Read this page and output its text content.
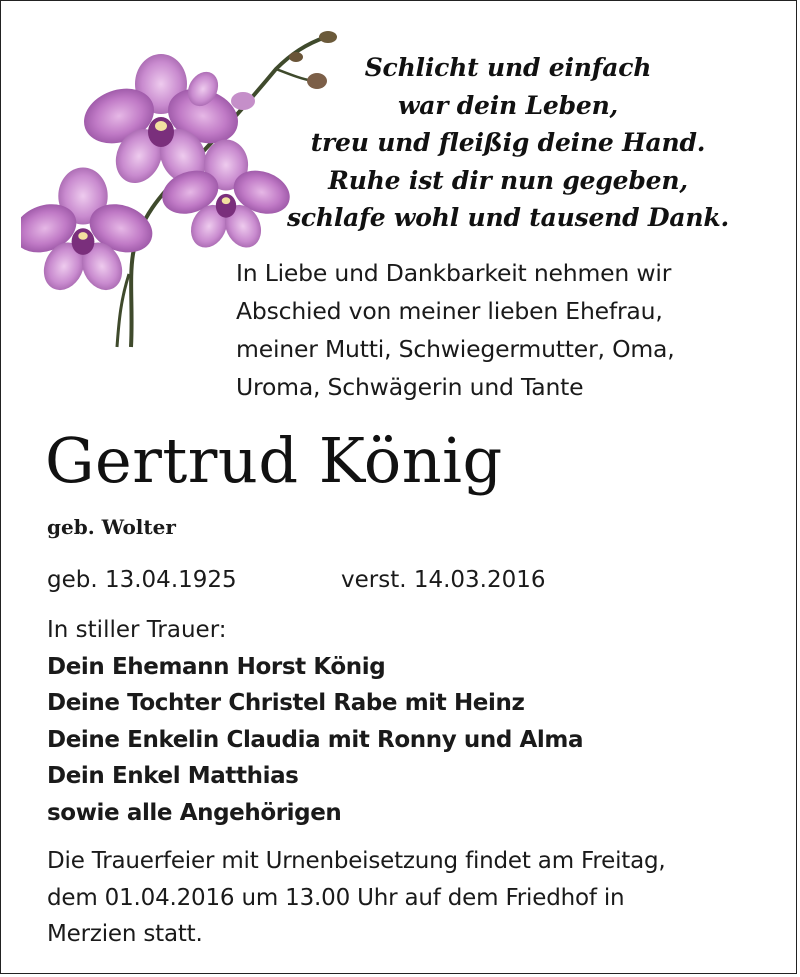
Schlicht und einfach
war dein Leben,
treu und fleißig deine Hand.
Ruhe ist dir nun gegeben,
schlafe wohl und tausend Dank.
In Liebe und Dankbarkeit nehmen wir
Abschied von meiner lieben Ehefrau,
meiner Mutti, Schwiegermutter, Oma,
Uroma, Schwägerin und Tante
Gertrud König
geb. Wolter
geb. 13.04.1925	verst. 14.03.2016
In stiller Trauer:
Dein Ehemann Horst König
Deine Tochter Christel Rabe mit Heinz
Deine Enkelin Claudia mit Ronny und Alma
Dein Enkel Matthias
sowie alle Angehörigen
Die Trauerfeier mit Urnenbeisetzung findet am Freitag,
dem 01.04.2016 um 13.00 Uhr auf dem Friedhof in
Merzien statt.
